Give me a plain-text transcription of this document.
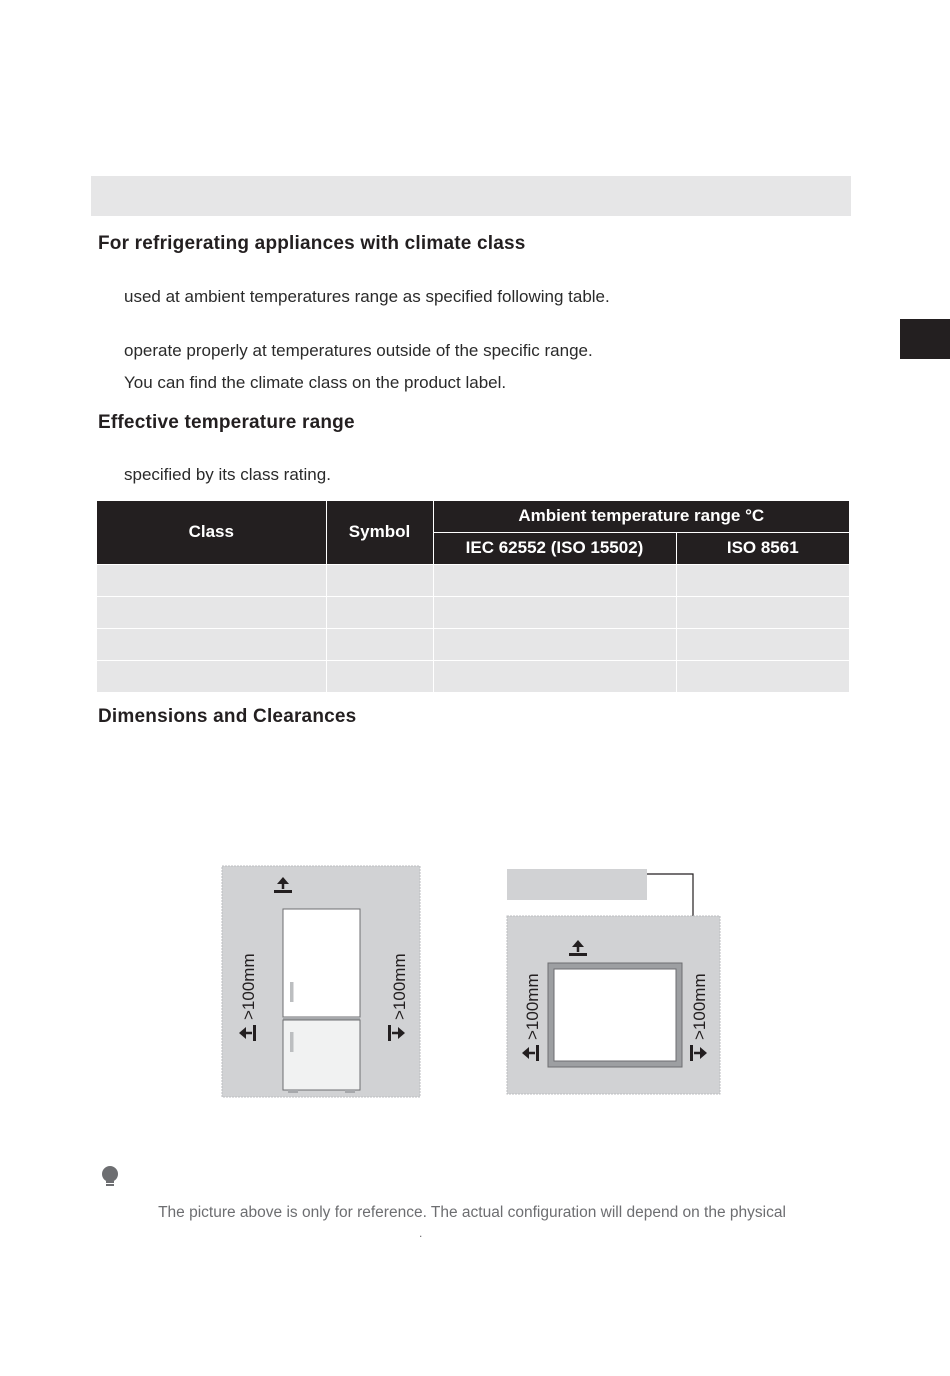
For refrigerating appliances with climate class

used at ambient temperatures range as specified following table.

operate properly at temperatures outside of the specific range.

You can find the climate class on the product label.

Effective temperature range

specified by its class rating.

Class	Symbol	Ambient temperature range °C	
		IEC 62552 (ISO 15502)	ISO 8561

Dimensions and Clearances
>100mm	>100mm	>100mm	>100mm

The picture above is only for reference. The actual configuration will depend on the physical

.
